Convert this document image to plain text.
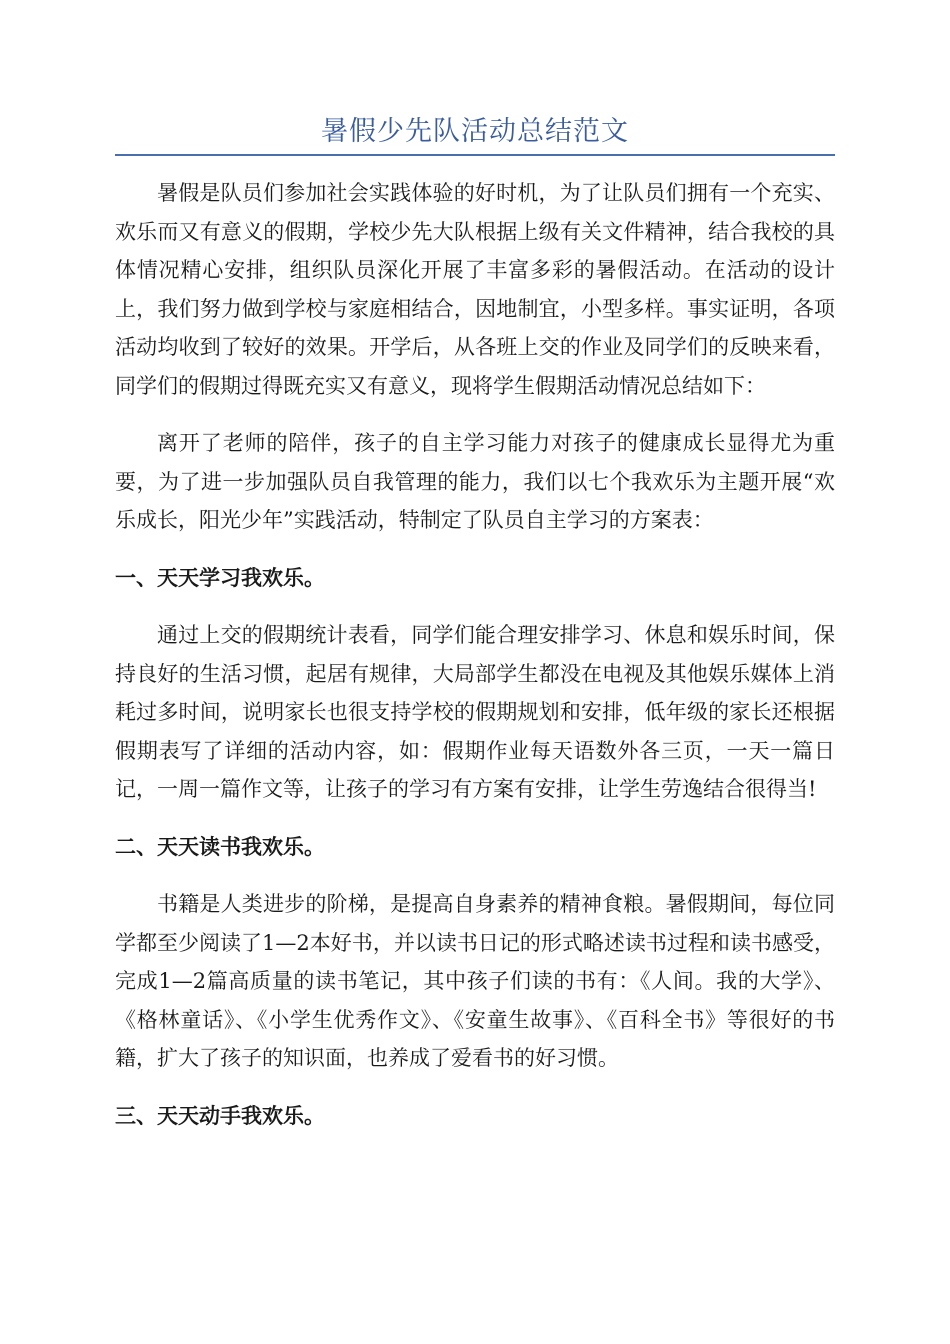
暑假少先队活动总结范文

暑假是队员们参加社会实践体验的好时机，为了让队员们拥有一个充实、欢乐而又有意义的假期，学校少先大队根据上级有关文件精神，结合我校的具体情况精心安排，组织队员深化开展了丰富多彩的暑假活动。在活动的设计上，我们努力做到学校与家庭相结合，因地制宜，小型多样。事实证明，各项活动均收到了较好的效果。开学后，从各班上交的作业及同学们的反映来看，同学们的假期过得既充实又有意义，现将学生假期活动情况总结如下：

离开了老师的陪伴，孩子的自主学习能力对孩子的健康成长显得尤为重要，为了进一步加强队员自我管理的能力，我们以七个我欢乐为主题开展“欢乐成长，阳光少年”实践活动，特制定了队员自主学习的方案表：

一、天天学习我欢乐。

通过上交的假期统计表看，同学们能合理安排学习、休息和娱乐时间，保持良好的生活习惯，起居有规律，大局部学生都没在电视及其他娱乐媒体上消耗过多时间，说明家长也很支持学校的假期规划和安排，低年级的家长还根据假期表写了详细的活动内容，如：假期作业每天语数外各三页，一天一篇日记，一周一篇作文等，让孩子的学习有方案有安排，让学生劳逸结合很得当!

二、天天读书我欢乐。

书籍是人类进步的阶梯，是提高自身素养的精神食粮。暑假期间，每位同学都至少阅读了1—2本好书，并以读书日记的形式略述读书过程和读书感受，完成1—2篇高质量的读书笔记，其中孩子们读的书有：《人间。我的大学》、《格林童话》、《小学生优秀作文》、《安童生故事》、《百科全书》等很好的书籍，扩大了孩子的知识面，也养成了爱看书的好习惯。

三、天天动手我欢乐。
